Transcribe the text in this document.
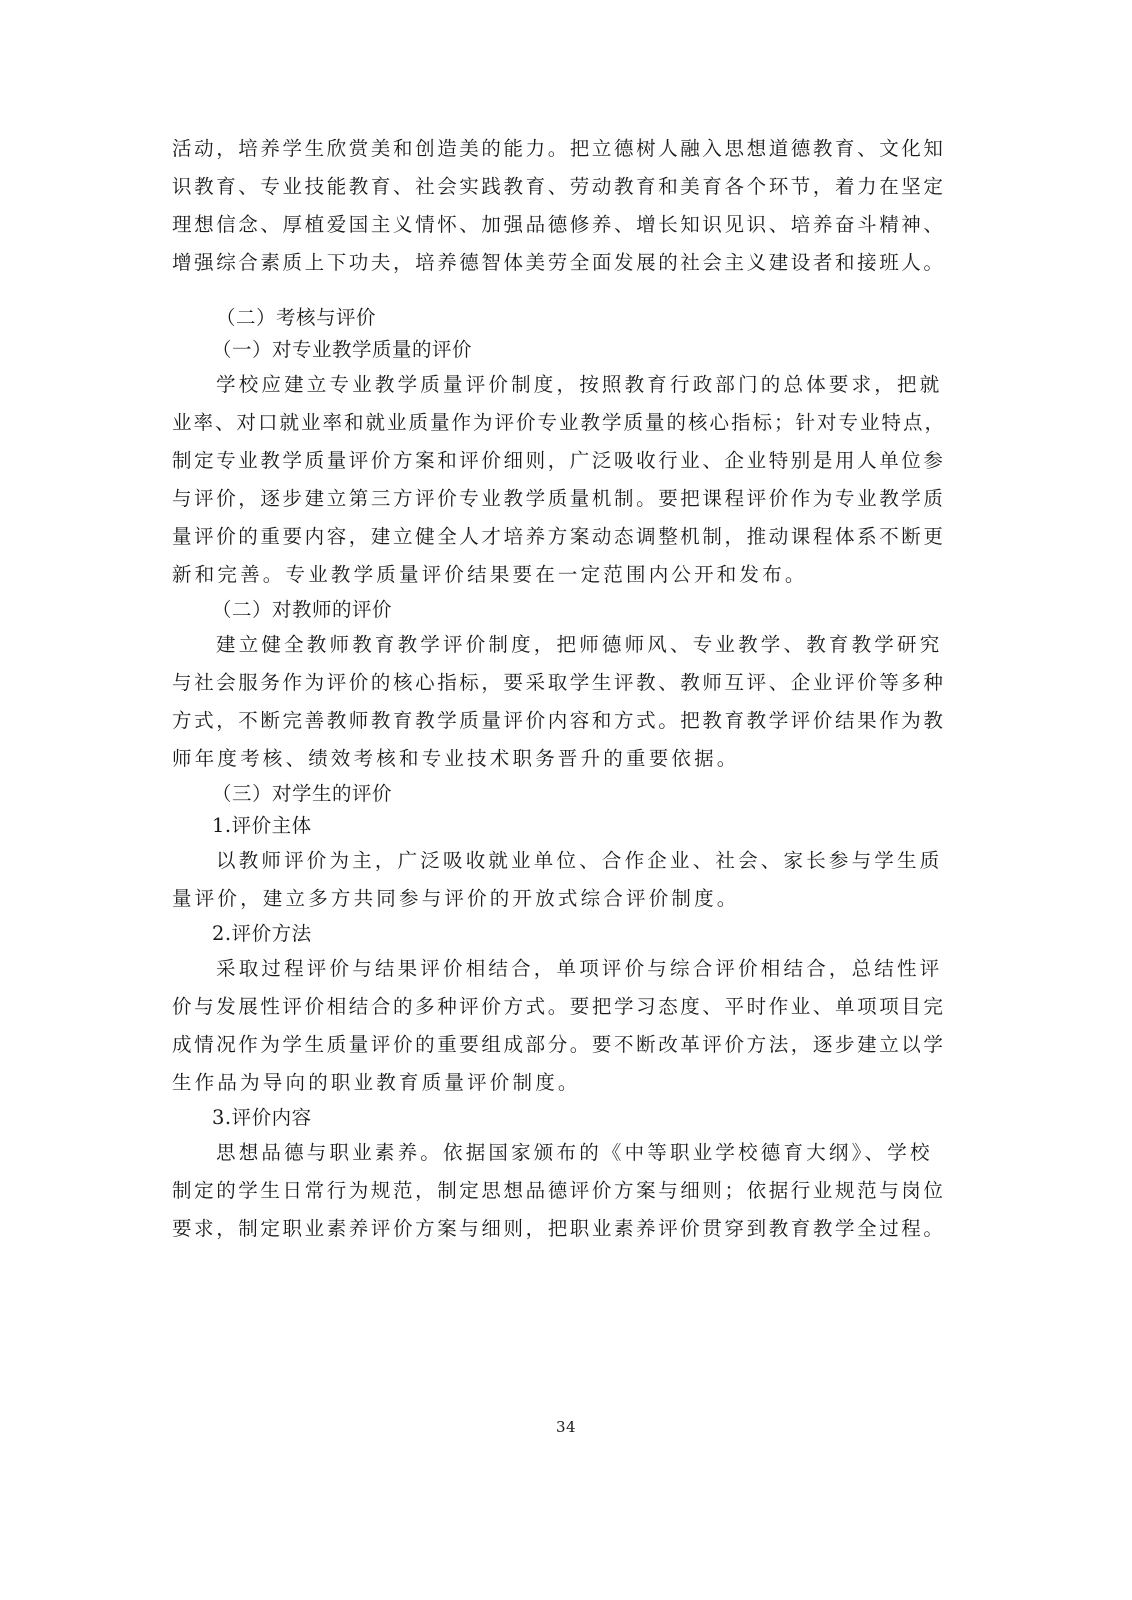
活动，培养学生欣赏美和创造美的能力。把立德树人融入思想道德教育、文化知
识教育、专业技能教育、社会实践教育、劳动教育和美育各个环节，着力在坚定
理想信念、厚植爱国主义情怀、加强品德修养、增长知识见识、培养奋斗精神、
增强综合素质上下功夫，培养德智体美劳全面发展的社会主义建设者和接班人。
（二）考核与评价
（一）对专业教学质量的评价
学校应建立专业教学质量评价制度，按照教育行政部门的总体要求，把就
业率、对口就业率和就业质量作为评价专业教学质量的核心指标；针对专业特点，
制定专业教学质量评价方案和评价细则，广泛吸收行业、企业特别是用人单位参
与评价，逐步建立第三方评价专业教学质量机制。要把课程评价作为专业教学质
量评价的重要内容，建立健全人才培养方案动态调整机制，推动课程体系不断更
新和完善。专业教学质量评价结果要在一定范围内公开和发布。
（二）对教师的评价
建立健全教师教育教学评价制度，把师德师风、专业教学、教育教学研究
与社会服务作为评价的核心指标，要采取学生评教、教师互评、企业评价等多种
方式，不断完善教师教育教学质量评价内容和方式。把教育教学评价结果作为教
师年度考核、绩效考核和专业技术职务晋升的重要依据。
（三）对学生的评价
1.评价主体
以教师评价为主，广泛吸收就业单位、合作企业、社会、家长参与学生质
量评价，建立多方共同参与评价的开放式综合评价制度。
2.评价方法
采取过程评价与结果评价相结合，单项评价与综合评价相结合，总结性评
价与发展性评价相结合的多种评价方式。要把学习态度、平时作业、单项项目完
成情况作为学生质量评价的重要组成部分。要不断改革评价方法，逐步建立以学
生作品为导向的职业教育质量评价制度。
3.评价内容
思想品德与职业素养。依据国家颁布的《中等职业学校德育大纲》、学校
制定的学生日常行为规范，制定思想品德评价方案与细则；依据行业规范与岗位
要求，制定职业素养评价方案与细则，把职业素养评价贯穿到教育教学全过程。
34
